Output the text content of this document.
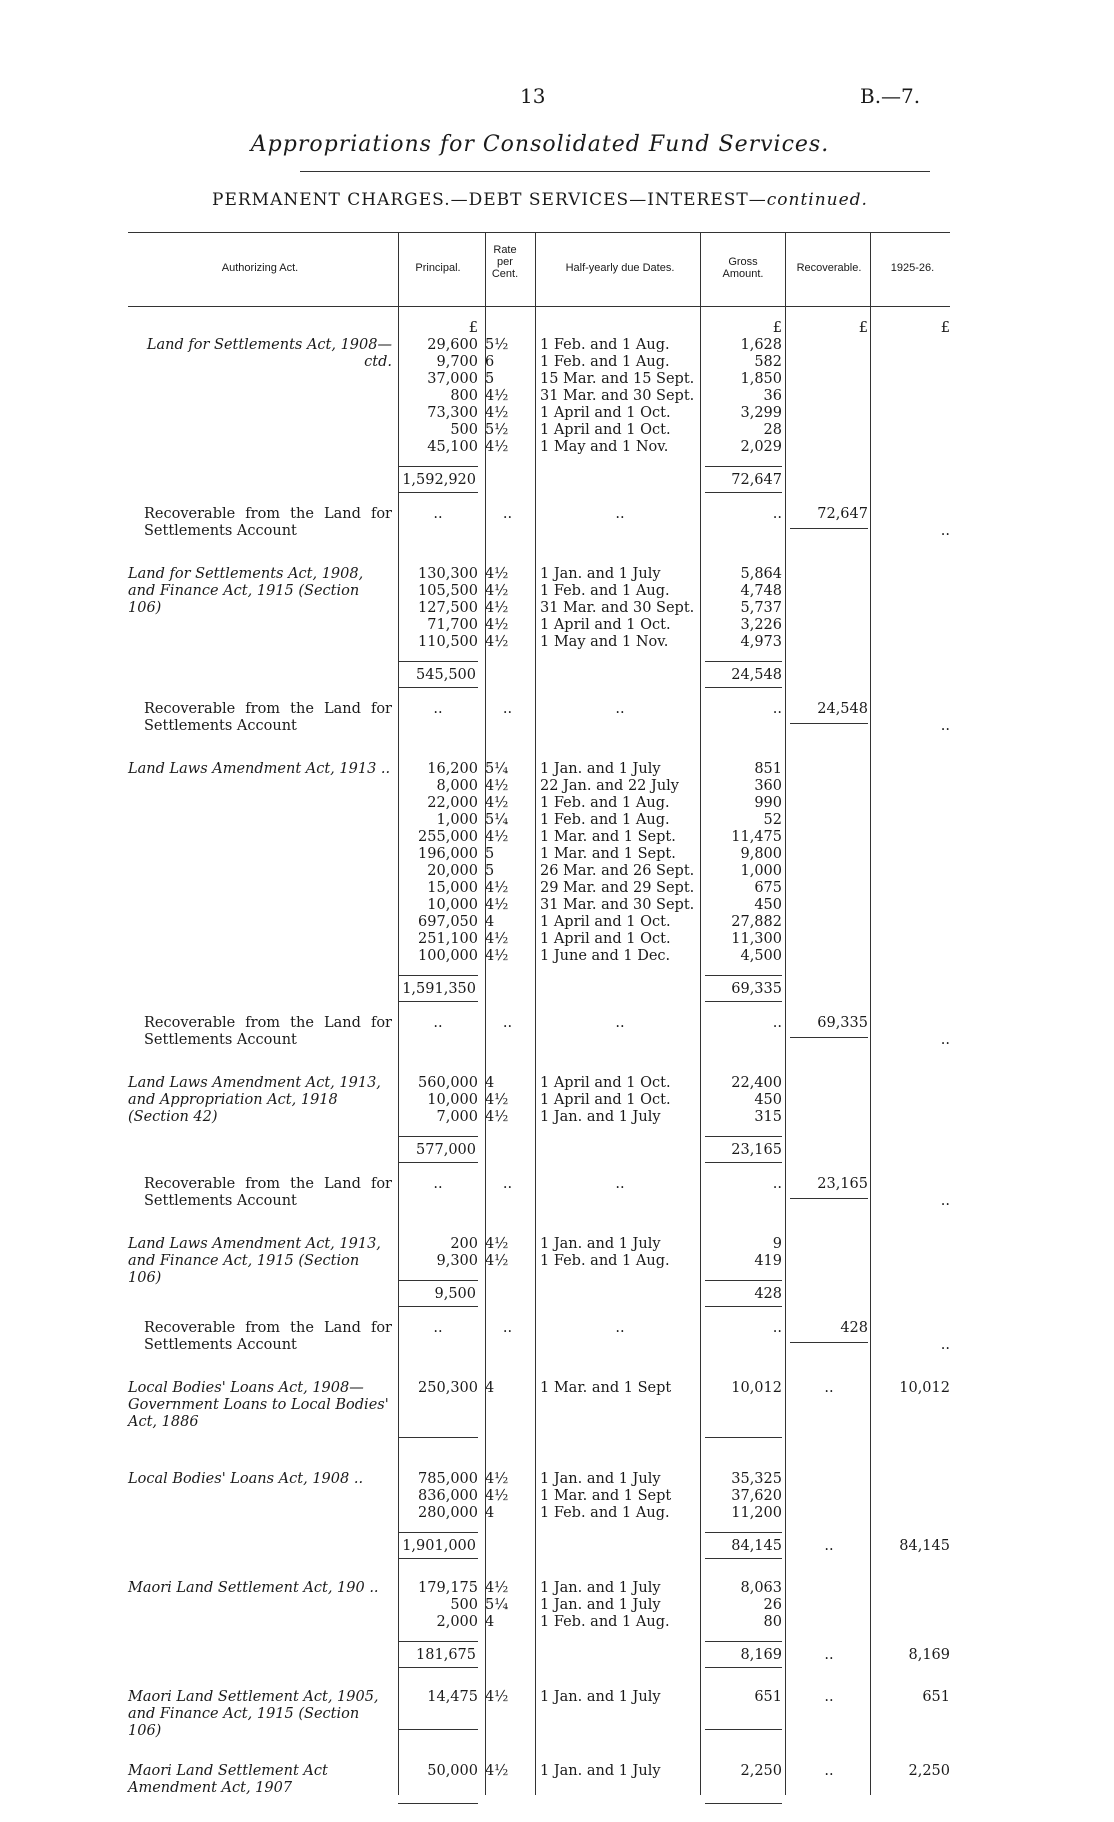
13	B.—7.
Appropriations for Consolidated Fund Services.
PERMANENT CHARGES.—DEBT SERVICES—INTEREST—continued.
Authorizing Act.	Principal.
Rate per Cent.	Half-yearly due Dates.	Gross Amount.	Recoverable.	1925-26.
£	£	£	£
Land for Settlements Act, 1908—ctd.
29,600 5½	1 Feb. and 1 Aug.	1,628
9,700 6	1 Feb. and 1 Aug.	582
37,000 5	15 Mar. and 15 Sept.	1,850
800 4½	31 Mar. and 30 Sept.	36
73,300 4½	1 April and 1 Oct.	3,299
500 5½	1 April and 1 Oct.	28
45,100 4½	1 May and 1 Nov.	2,029
1,592,920	72,647
Recoverable from the Land for Settlements Account
..	..	..	..	72,647
..
Land for Settlements Act, 1908, and Finance Act, 1915 (Section 106)
130,300 4½	1 Jan. and 1 July	5,864
105,500 4½	1 Feb. and 1 Aug.	4,748
127,500 4½	31 Mar. and 30 Sept.	5,737
71,700 4½	1 April and 1 Oct.	3,226
110,500 4½	1 May and 1 Nov.	4,973
545,500	24,548
Recoverable from the Land for Settlements Account
..	..	..	..	24,548
..
Land Laws Amendment Act, 1913 ..	16,200 5¼	1 Jan. and 1 July	851
8,000 4½	22 Jan. and 22 July	360
22,000 4½	1 Feb. and 1 Aug.	990
1,000 5¼	1 Feb. and 1 Aug.	52
255,000 4½	1 Mar. and 1 Sept.	11,475
196,000 5	1 Mar. and 1 Sept.	9,800
20,000 5	26 Mar. and 26 Sept.	1,000
15,000 4½	29 Mar. and 29 Sept.	675
10,000 4½	31 Mar. and 30 Sept.	450
697,050 4	1 April and 1 Oct.	27,882
251,100 4½	1 April and 1 Oct.	11,300
100,000 4½	1 June and 1 Dec.	4,500
1,591,350	69,335
Recoverable from the Land for Settlements Account
..	..	..	..	69,335
..
Land Laws Amendment Act, 1913, and Appropriation Act, 1918 (Section 42)
560,000 4	1 April and 1 Oct.	22,400
10,000 4½	1 April and 1 Oct.	450
7,000 4½	1 Jan. and 1 July	315
577,000	23,165
Recoverable from the Land for Settlements Account
..	..	..	..	23,165
..
Land Laws Amendment Act, 1913, and Finance Act, 1915 (Section 106)
200 4½	1 Jan. and 1 July	9
9,300 4½	1 Feb. and 1 Aug.	419
9,500	428
Recoverable from the Land for Settlements Account
..	..	..	..	428
..
Local Bodies' Loans Act, 1908—Government Loans to Local Bodies' Act, 1886
250,300 4	1 Mar. and 1 Sept	10,012	..	10,012
Local Bodies' Loans Act, 1908 ..	785,000 4½	1 Jan. and 1 July	35,325
836,000 4½	1 Mar. and 1 Sept	37,620
280,000 4	1 Feb. and 1 Aug.	11,200
1,901,000	84,145	..	84,145
Maori Land Settlement Act, 190 ..	179,175 4½	1 Jan. and 1 July	8,063
500 5¼	1 Jan. and 1 July	26
2,000 4	1 Feb. and 1 Aug.	80
181,675	8,169	..	8,169
Maori Land Settlement Act, 1905, and Finance Act, 1915 (Section 106)
14,475 4½	1 Jan. and 1 July	651	..	651
Maori Land Settlement Act Amendment Act, 1907
50,000 4½	1 Jan. and 1 July	2,250	..	2,250
